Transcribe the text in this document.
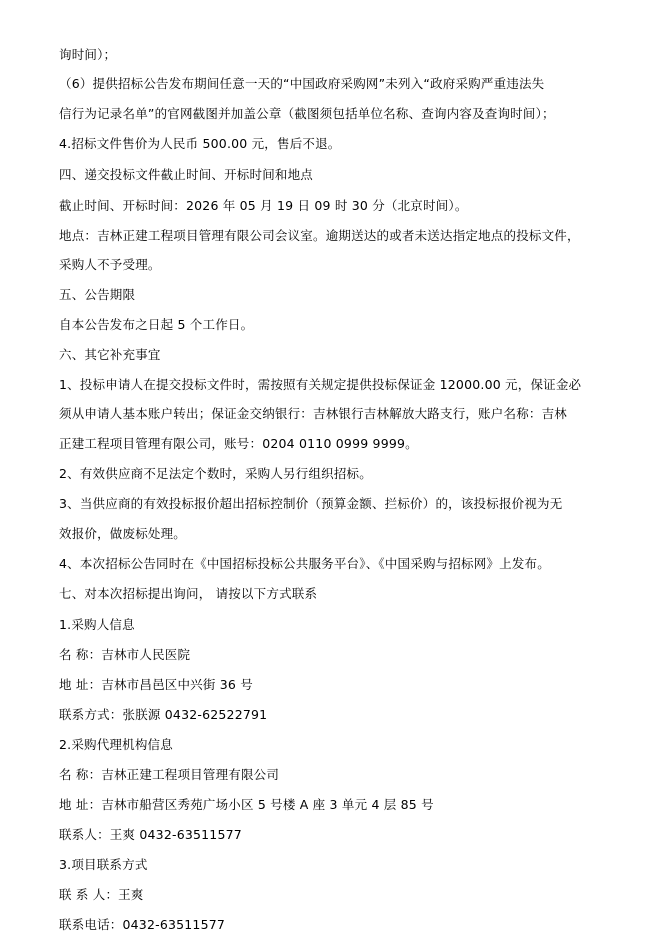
询时间）；
（6）提供招标公告发布期间任意一天的“中国政府采购网”未列入“政府采购严重违法失
信行为记录名单”的官网截图并加盖公章（截图须包括单位名称、查询内容及查询时间）；
4.招标文件售价为人民币 500.00 元，售后不退。
四、递交投标文件截止时间、开标时间和地点
截止时间、开标时间：2026 年 05 月 19 日 09 时 30 分（北京时间）。
地点：吉林正建工程项目管理有限公司会议室。逾期送达的或者未送达指定地点的投标文件，
采购人不予受理。
五、公告期限
自本公告发布之日起 5 个工作日。
六、其它补充事宜
1、投标申请人在提交投标文件时，需按照有关规定提供投标保证金 12000.00 元，保证金必
须从申请人基本账户转出；保证金交纳银行：吉林银行吉林解放大路支行，账户名称：吉林
正建工程项目管理有限公司，账号：0204 0110 0999 9999。
2、有效供应商不足法定个数时，采购人另行组织招标。
3、当供应商的有效投标报价超出招标控制价（预算金额、拦标价）的，该投标报价视为无
效报价，做废标处理。
4、本次招标公告同时在《中国招标投标公共服务平台》、《中国采购与招标网》上发布。
七、对本次招标提出询问， 请按以下方式联系
1.采购人信息
名 称：吉林市人民医院
地 址：吉林市昌邑区中兴街 36 号
联系方式：张朕源 0432-62522791
2.采购代理机构信息
名 称：吉林正建工程项目管理有限公司
地 址：吉林市船营区秀苑广场小区 5 号楼 A 座 3 单元 4 层 85 号
联系人：王爽 0432-63511577
3.项目联系方式
联 系 人：王爽
联系电话：0432-63511577
